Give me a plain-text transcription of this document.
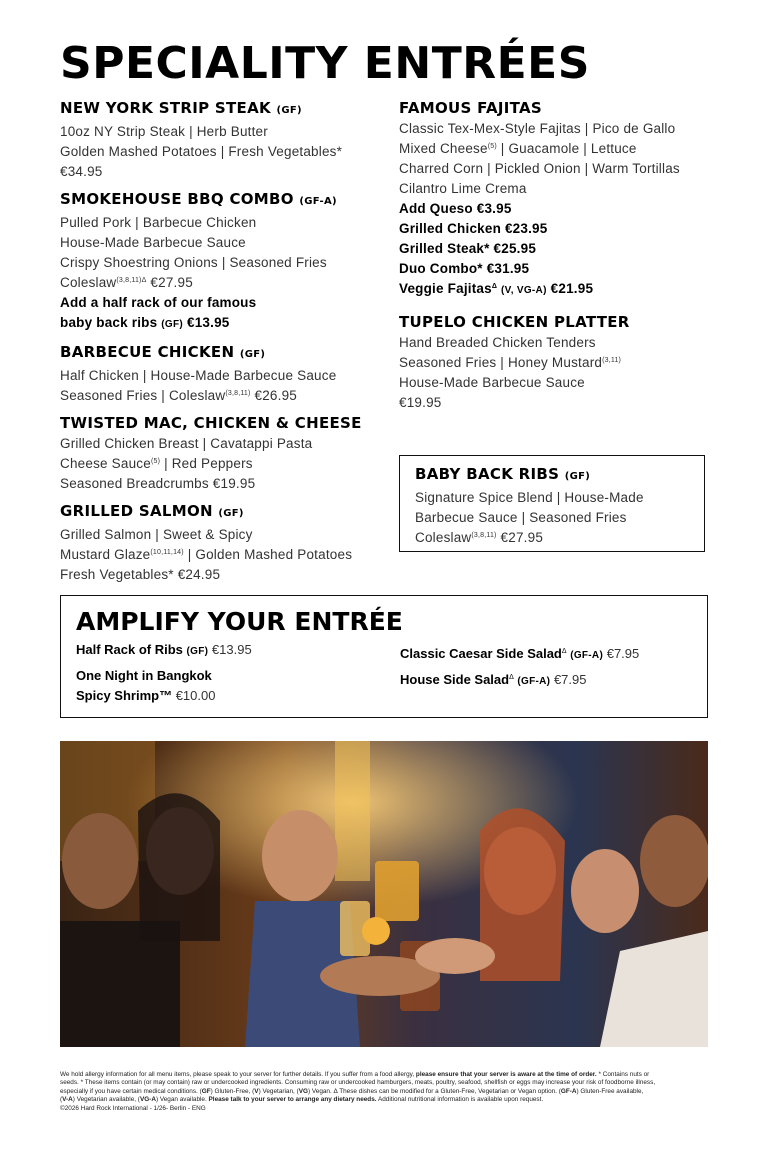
SPECIALITY ENTRÉES
NEW YORK STRIP STEAK (GF)
10oz NY Strip Steak | Herb Butter
Golden Mashed Potatoes | Fresh Vegetables*
€34.95
SMOKEHOUSE BBQ COMBO (GF-A)
Pulled Pork | Barbecue Chicken
House-Made Barbecue Sauce
Crispy Shoestring Onions | Seasoned Fries
Coleslaw$^{(3,8,11)\Delta}$ €27.95
Add a half rack of our famous
baby back ribs (GF) €13.95
BARBECUE CHICKEN (GF)
Half Chicken | House-Made Barbecue Sauce
Seasoned Fries | Coleslaw$^{(3,8,11)}$ €26.95
TWISTED MAC, CHICKEN & CHEESE
Grilled Chicken Breast | Cavatappi Pasta
Cheese Sauce$^{(5)}$ | Red Peppers
Seasoned Breadcrumbs €19.95
GRILLED SALMON (GF)
Grilled Salmon | Sweet & Spicy
Mustard Glaze$^{(10,11,14)}$ | Golden Mashed Potatoes
Fresh Vegetables* €24.95
FAMOUS FAJITAS
Classic Tex-Mex-Style Fajitas | Pico de Gallo
Mixed Cheese$^{(5)}$ | Guacamole | Lettuce
Charred Corn | Pickled Onion | Warm Tortillas
Cilantro Lime Crema
Add Queso €3.95
Grilled Chicken €23.95
Grilled Steak* €25.95
Duo Combo* €31.95
Veggie Fajitas$^\Delta$ (V, VG-A) €21.95
TUPELO CHICKEN PLATTER
Hand Breaded Chicken Tenders
Seasoned Fries | Honey Mustard$^{(3,11)}$
House-Made Barbecue Sauce
€19.95
BABY BACK RIBS (GF)
Signature Spice Blend | House-Made
Barbecue Sauce | Seasoned Fries
Coleslaw$^{(3,8,11)}$ €27.95
AMPLIFY YOUR ENTRÉE
Half Rack of Ribs (GF) €13.95
One Night in Bangkok
Spicy Shrimp™ €10.00
Classic Caesar Side Salad$^\Delta$ (GF-A) €7.95
House Side Salad$^\Delta$ (GF-A) €7.95
We hold allergy information for all menu items, please speak to your server for further details. If you suffer from a food allergy, please ensure that your server is aware at the time of order. * Contains nuts or
seeds. * These items contain (or may contain) raw or undercooked ingredients. Consuming raw or undercooked hamburgers, meats, poultry, seafood, shellfish or eggs may increase your risk of foodborne illness,
especially if you have certain medical conditions. (GF) Gluten-Free, (V) Vegetarian, (VG) Vegan. Δ These dishes can be modified for a Gluten-Free, Vegetarian or Vegan option. (GF-A) Gluten-Free available,
(V-A) Vegetarian available, (VG-A) Vegan available. Please talk to your server to arrange any dietary needs. Additional nutritional information is available upon request.
©2026 Hard Rock International - 1/26- Berlin - ENG
